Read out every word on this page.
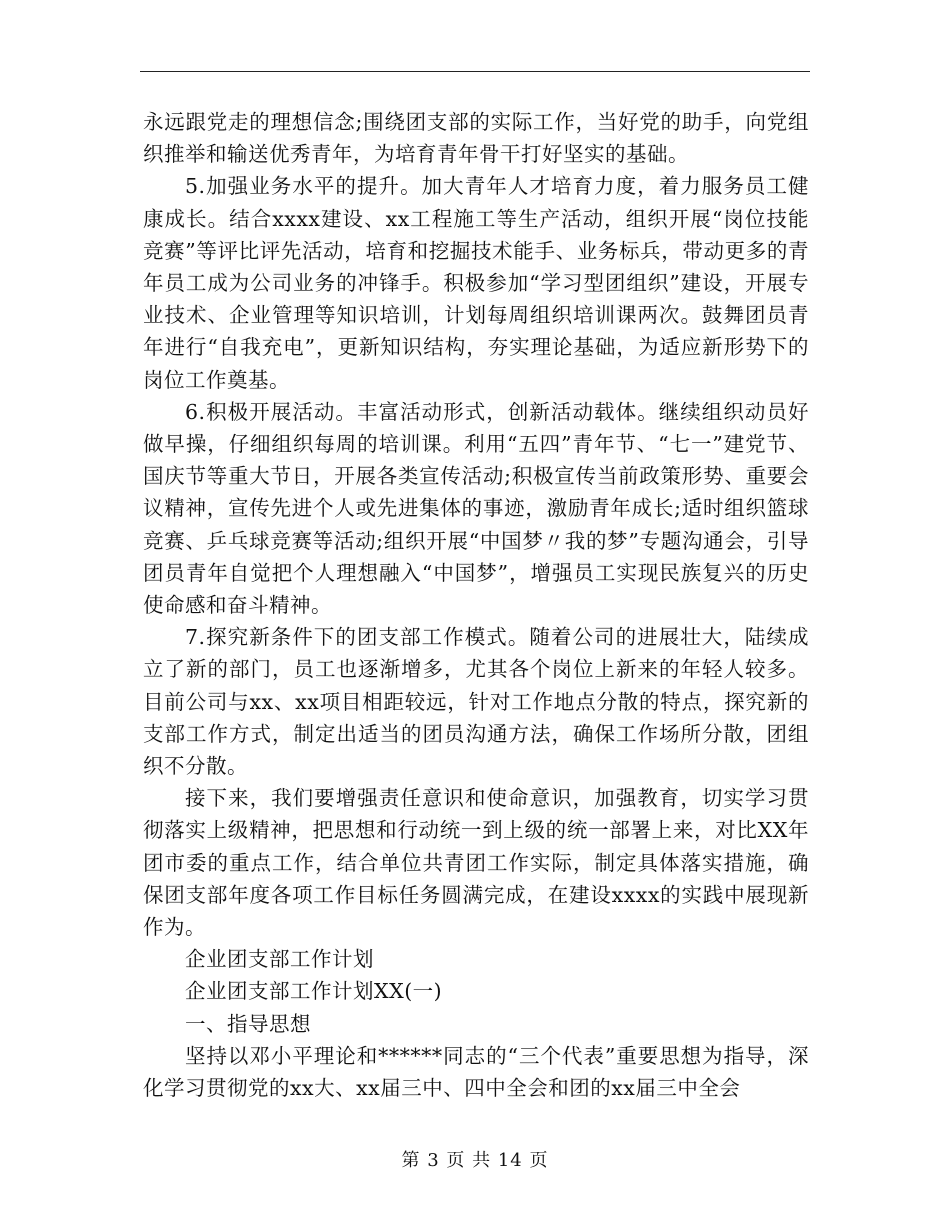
永远跟党走的理想信念;围绕团支部的实际工作，当好党的助手，向党组织推举和输送优秀青年，为培育青年骨干打好坚实的基础。

5.加强业务水平的提升。加大青年人才培育力度，着力服务员工健康成长。结合xxxx建设、xx工程施工等生产活动，组织开展“岗位技能竞赛”等评比评先活动，培育和挖掘技术能手、业务标兵，带动更多的青年员工成为公司业务的冲锋手。积极参加“学习型团组织”建设，开展专业技术、企业管理等知识培训，计划每周组织培训课两次。鼓舞团员青年进行“自我充电”，更新知识结构，夯实理论基础，为适应新形势下的岗位工作奠基。

6.积极开展活动。丰富活动形式，创新活动载体。继续组织动员好做早操，仔细组织每周的培训课。利用“五四”青年节、“七一”建党节、国庆节等重大节日，开展各类宣传活动;积极宣传当前政策形势、重要会议精神，宣传先进个人或先进集体的事迹，激励青年成长;适时组织篮球竞赛、乒乓球竞赛等活动;组织开展“中国梦〃我的梦”专题沟通会，引导团员青年自觉把个人理想融入“中国梦”，增强员工实现民族复兴的历史使命感和奋斗精神。

7.探究新条件下的团支部工作模式。随着公司的进展壮大，陆续成立了新的部门，员工也逐渐增多，尤其各个岗位上新来的年轻人较多。目前公司与xx、xx项目相距较远，针对工作地点分散的特点，探究新的支部工作方式，制定出适当的团员沟通方法，确保工作场所分散，团组织不分散。

接下来，我们要增强责任意识和使命意识，加强教育，切实学习贯彻落实上级精神，把思想和行动统一到上级的统一部署上来，对比XX年团市委的重点工作，结合单位共青团工作实际，制定具体落实措施，确保团支部年度各项工作目标任务圆满完成，在建设xxxx的实践中展现新作为。

企业团支部工作计划

企业团支部工作计划XX(一)

一、指导思想

坚持以邓小平理论和******同志的“三个代表”重要思想为指导，深化学习贯彻党的xx大、xx届三中、四中全会和团的xx届三中全会

第 3 页 共 14 页
